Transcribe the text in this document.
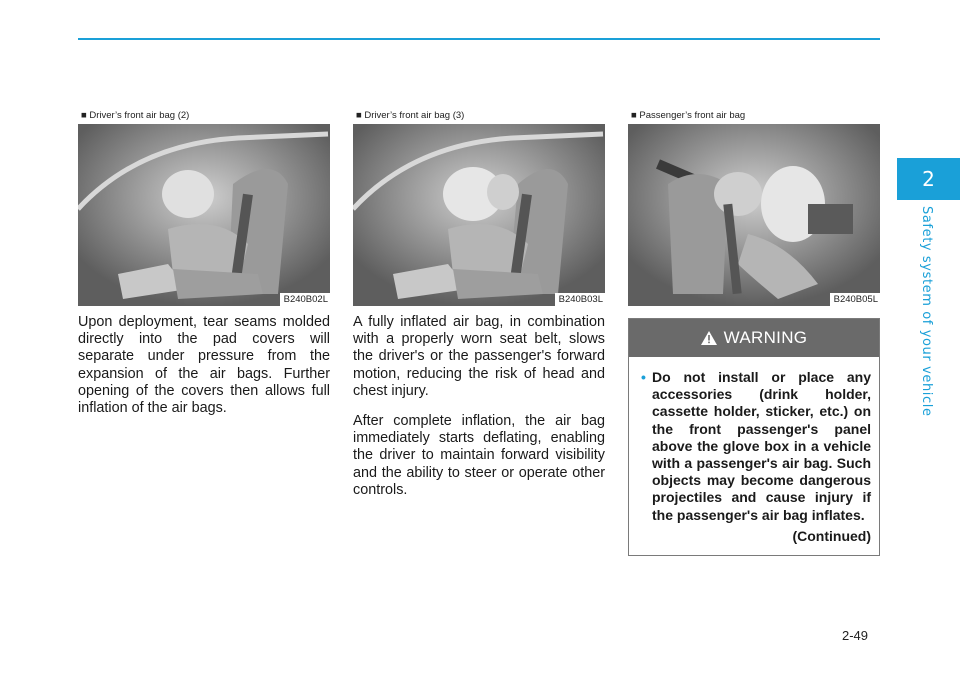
2
Safety system of your vehicle
■ Driver’s front air bag (2)
B240B02L
■ Driver’s front air bag (3)
B240B03L
■ Passenger’s front air bag
B240B05L

Upon deployment, tear seams molded directly into the pad covers will separate under pressure from the expansion of the air bags. Further opening of the covers then allows full inflation of the air bags.

A fully inflated air bag, in combination with a properly worn seat belt, slows the driver's or the passenger's forward motion, reducing the risk of head and chest injury.

After complete inflation, the air bag immediately starts deflating, enabling the driver to maintain forward visibility and the ability to steer or operate other controls.

WARNING
• Do not install or place any accessories (drink holder, cassette holder, sticker, etc.) on the front passenger's panel above the glove box in a vehicle with a passenger's air bag. Such objects may become dangerous projectiles and cause injury if the passenger's air bag inflates.
(Continued)
2-49
